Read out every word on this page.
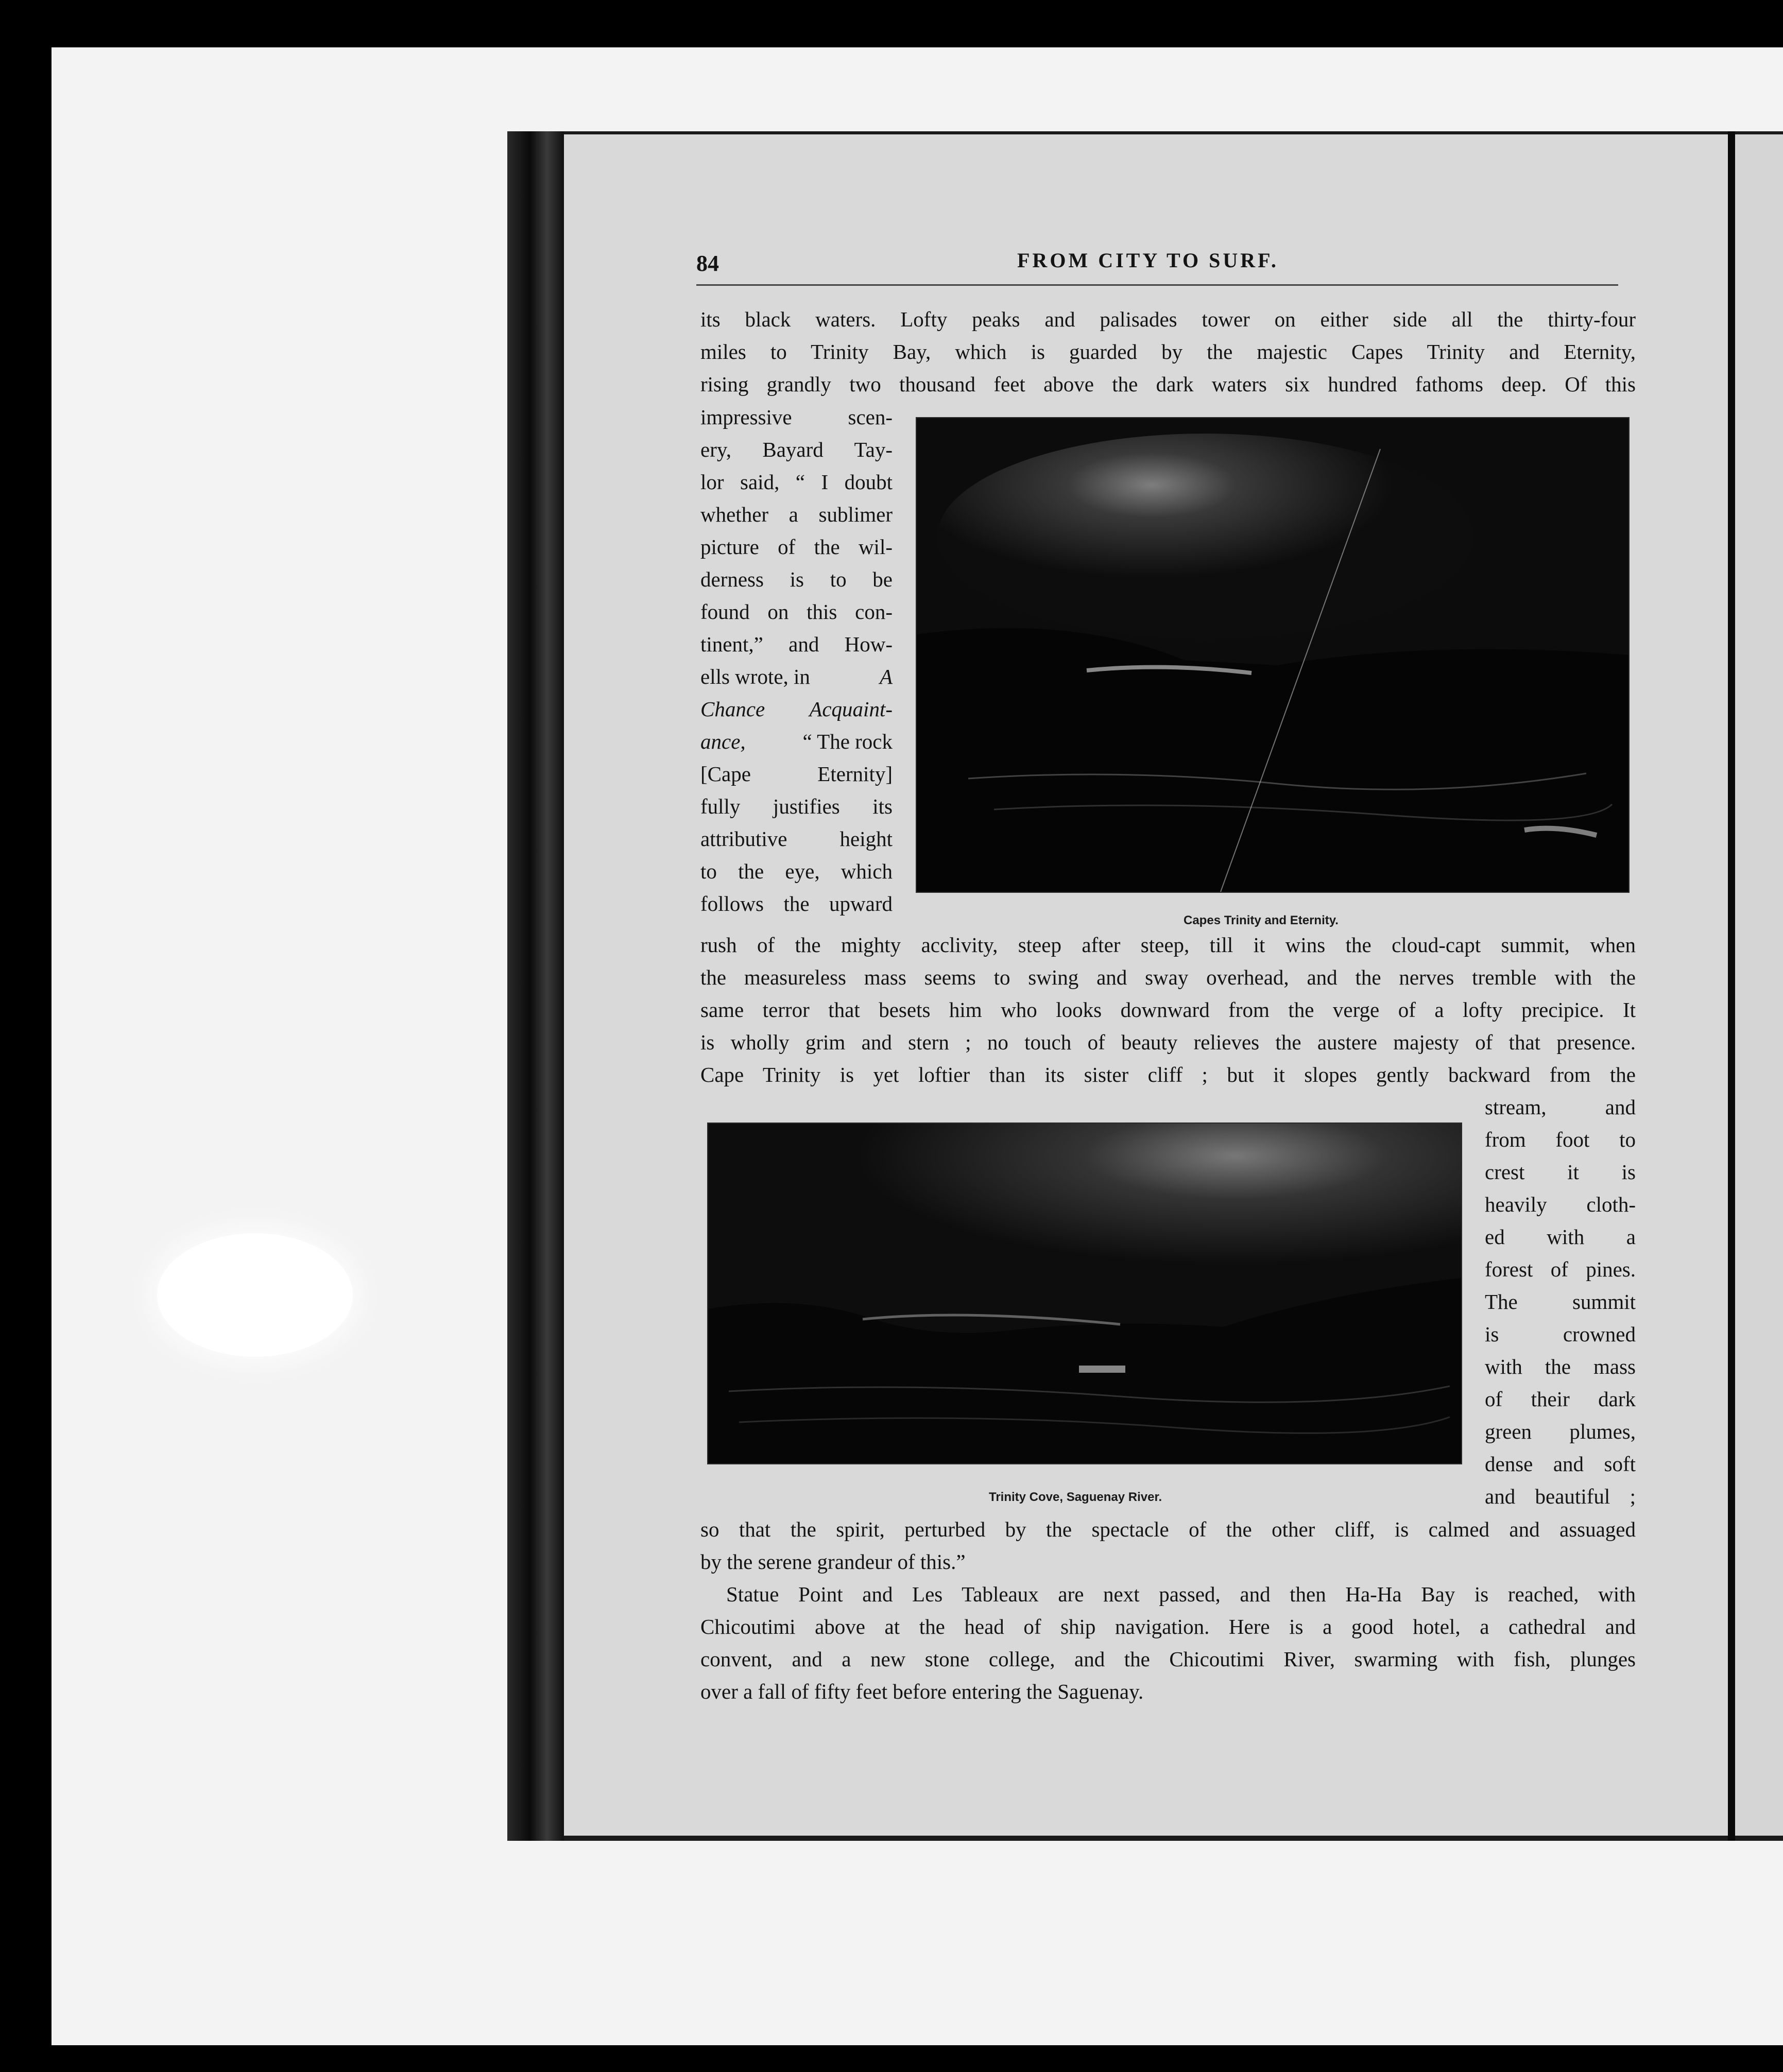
84	FROM CITY TO SURF.

its black waters. Lofty peaks and palisades tower on either side all the thirty-four

miles to Trinity Bay, which is guarded by the majestic Capes Trinity and Eternity,

rising grandly two thousand feet above the dark waters six hundred fathoms deep. Of this

impressive scen-

ery, Bayard Tay-

lor said, “ I doubt

whether a sublimer

picture of the wil-

derness is to be

found on this con-

tinent,” and How-

ells wrote, in	A

Chance Acquaint-

ance,	“ The rock

[Cape Eternity]

fully justifies its

attributive height

to the eye, which

follows the upward

Capes Trinity and Eternity.

rush of the mighty acclivity, steep after steep, till it wins the cloud-capt summit, when

the measureless mass seems to swing and sway overhead, and the nerves tremble with the

same terror that besets him who looks downward from the verge of a lofty precipice. It

is wholly grim and stern ; no touch of beauty relieves the austere majesty of that presence.

Cape Trinity is yet loftier than its sister cliff ; but it slopes gently backward from the

stream, and

from foot to

crest it is

heavily cloth-

ed with a

forest of pines.

The summit

is crowned

with the mass

of their dark

green plumes,

dense and soft

and beautiful ;

Trinity Cove, Saguenay River.

so that the spirit, perturbed by the spectacle of the other cliff, is calmed and assuaged

by the serene grandeur of this.”

Statue Point and Les Tableaux are next passed, and then Ha-Ha Bay is reached, with

Chicoutimi above at the head of ship navigation. Here is a good hotel, a cathedral and

convent, and a new stone college, and the Chicoutimi River, swarming with fish, plunges

over a fall of fifty feet before entering the Saguenay.
